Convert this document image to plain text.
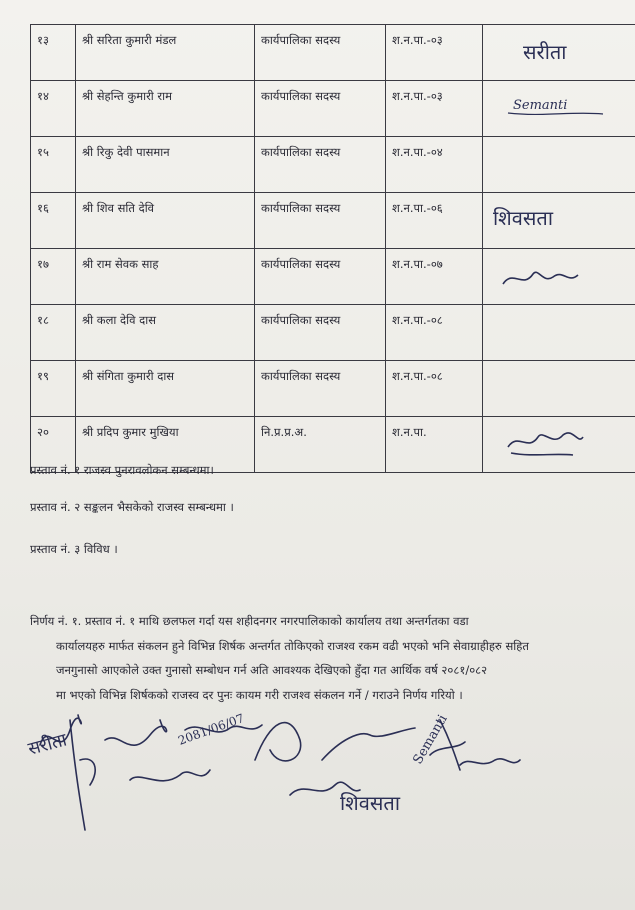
१३	श्री सरिता कुमारी मंडल	कार्यपालिका सदस्य	श.न.पा.-०३	सरीता

१४	श्री सेहन्ति कुमारी राम	कार्यपालिका सदस्य	श.न.पा.-०३	Semanti

१५	श्री रिकु देवी पासमान	कार्यपालिका सदस्य	श.न.पा.-०४	
१६	श्री शिव सति देवि	कार्यपालिका सदस्य	श.न.पा.-०६	शिवसता

१७	श्री राम सेवक साह	कार्यपालिका सदस्य	श.न.पा.-०७	

१८	श्री कला देवि दास	कार्यपालिका सदस्य	श.न.पा.-०८	
१९	श्री संगिता कुमारी दास	कार्यपालिका सदस्य	श.न.पा.-०८	
२०	श्री प्रदिप कुमार मुखिया	नि.प्र.प्र.अ.	श.न.पा.	
प्रस्ताव नं. १ राजस्व पुनरावलोकन सम्बन्धमा।
प्रस्ताव नं. २ सङ्कलन भैसकेको राजस्व सम्बन्धमा ।
प्रस्ताव नं. ३ विविध ।
निर्णय नं. १. प्रस्ताव नं. १ माथि छलफल गर्दा यस शहीदनगर नगरपालिकाको कार्यालय तथा अन्तर्गतका वडा
कार्यालयहरु मार्फत संकलन हुने विभिन्न शिर्षक अन्तर्गत तोकिएको राजश्व रकम वढी भएको भनि सेवाग्राहीहरु सहित
जनगुनासो आएकोले उक्त गुनासो सम्बोधन गर्न अति आवश्यक देखिएको हुँदा गत आर्थिक वर्ष २०८१/०८२
मा भएको विभिन्न शिर्षकको राजस्व दर पुनः कायम गरी राजश्व संकलन गर्ने / गराउने निर्णय गरियो ।
सरीता
शिवसता
Semanti
2081/06/07
